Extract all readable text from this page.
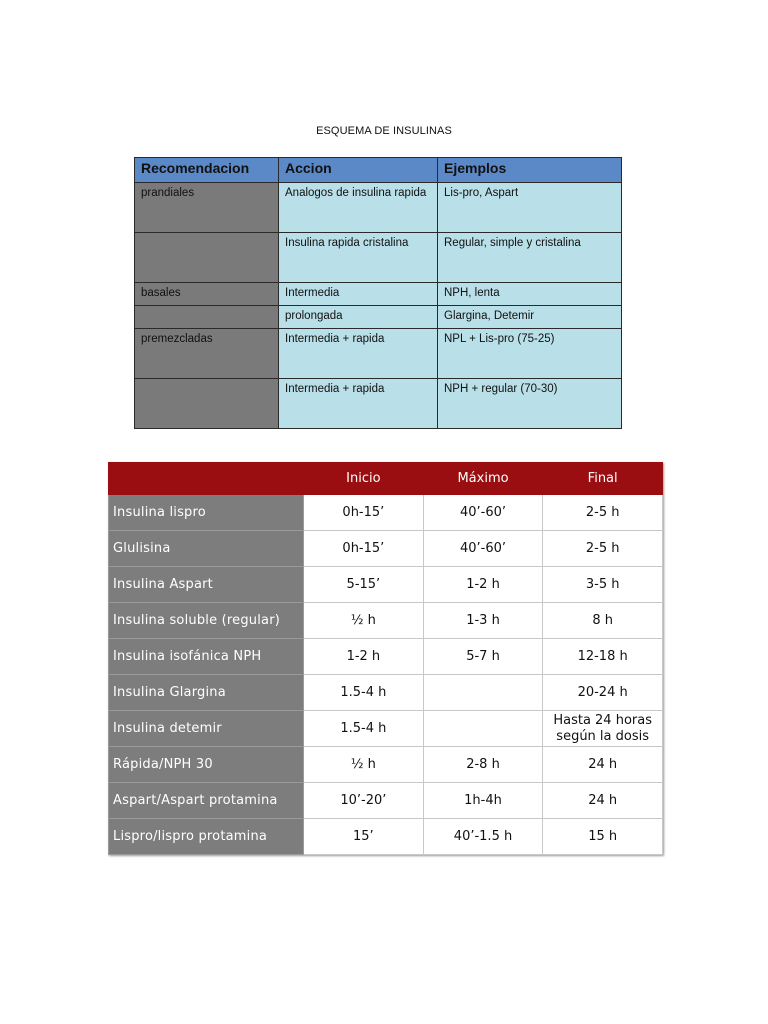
ESQUEMA DE INSULINAS
Recomendacion	Accion	Ejemplos
prandiales	Analogos de insulina rapida	Lis-pro, Aspart
	Insulina rapida cristalina	Regular, simple y cristalina
basales	Intermedia	NPH, lenta
	prolongada	Glargina, Detemir
premezcladas	Intermedia + rapida	NPL + Lis-pro (75-25)
	Intermedia + rapida	NPH + regular (70-30)
	Inicio	Máximo	Final
Insulina lispro	0h-15’	40’-60’	2-5 h
Glulisina	0h-15’	40’-60’	2-5 h
Insulina Aspart	5-15’	1-2 h	3-5 h
Insulina soluble (regular)	½ h	1-3 h	8 h
Insulina isofánica NPH	1-2 h	5-7 h	12-18 h
Insulina Glargina	1.5-4 h		20-24 h
Insulina detemir	1.5-4 h		Hasta 24 horas según la dosis
Rápida/NPH 30	½ h	2-8 h	24 h
Aspart/Aspart protamina	10’-20’	1h-4h	24 h
Lispro/lispro protamina	15’	40’-1.5 h	15 h
